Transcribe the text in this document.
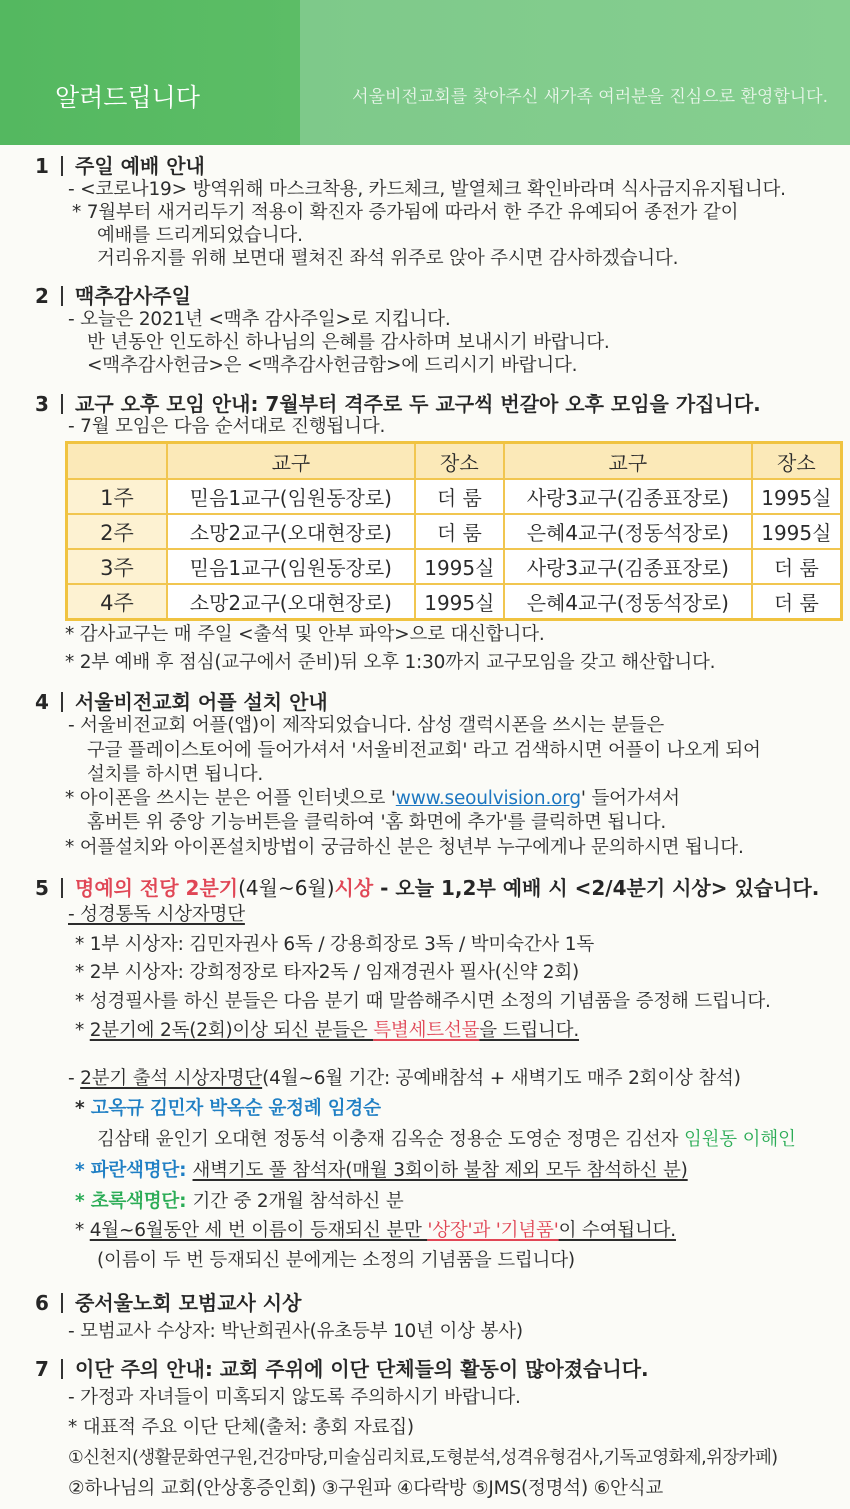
알려드립니다	서울비전교회를 찾아주신 새가족 여러분을 진심으로 환영합니다.
1 주일 예배 안내
- <코로나19> 방역위해 마스크착용, 카드체크, 발열체크 확인바라며 식사금지유지됩니다.
* 7월부터 새거리두기 적용이 확진자 증가됨에 따라서 한 주간 유예되어 종전가 같이
예배를 드리게되었습니다.
거리유지를 위해 보면대 펼쳐진 좌석 위주로 앉아 주시면 감사하겠습니다.
2 맥추감사주일
- 오늘은 2021년 <맥추 감사주일>로 지킵니다.
반 년동안 인도하신 하나님의 은혜를 감사하며 보내시기 바랍니다.
<맥추감사헌금>은 <맥추감사헌금함>에 드리시기 바랍니다.
3 교구 오후 모임 안내: 7월부터 격주로 두 교구씩 번갈아 오후 모임을 가집니다.
- 7월 모임은 다음 순서대로 진행됩니다.
	교구	장소	교구	장소
1주	믿음1교구(임원동장로)	더 룸	사랑3교구(김종표장로)	1995실
2주	소망2교구(오대현장로)	더 룸	은혜4교구(정동석장로)	1995실
3주	믿음1교구(임원동장로)	1995실	사랑3교구(김종표장로)	더 룸
4주	소망2교구(오대현장로)	1995실	은혜4교구(정동석장로)	더 룸
* 감사교구는 매 주일 <출석 및 안부 파악>으로 대신합니다.
* 2부 예배 후 점심(교구에서 준비)뒤 오후 1:30까지 교구모임을 갖고 해산합니다.
4 서울비전교회 어플 설치 안내
- 서울비전교회 어플(앱)이 제작되었습니다. 삼성 갤럭시폰을 쓰시는 분들은
구글 플레이스토어에 들어가셔서 '서울비전교회' 라고 검색하시면 어플이 나오게 되어
설치를 하시면 됩니다.
* 아이폰을 쓰시는 분은 어플 인터넷으로 'www.seoulvision.org' 들어가셔서
홈버튼 위 중앙 기능버튼을 클릭하여 '홈 화면에 추가'를 클릭하면 됩니다.
* 어플설치와 아이폰설치방법이 궁금하신 분은 청년부 누구에게나 문의하시면 됩니다.
5 명예의 전당 2분기(4월~6월)시상 - 오늘 1,2부 예배 시 <2/4분기 시상> 있습니다.
- 성경통독 시상자명단
* 1부 시상자: 김민자권사 6독 / 강용희장로 3독 / 박미숙간사 1독
* 2부 시상자: 강희정장로 타자2독 / 임재경권사 필사(신약 2회)
* 성경필사를 하신 분들은 다음 분기 때 말씀해주시면 소정의 기념품을 증정해 드립니다.
* 2분기에 2독(2회)이상 되신 분들은 특별세트선물을 드립니다.
- 2분기 출석 시상자명단(4월~6월 기간: 공예배참석 + 새벽기도 매주 2회이상 참석)
* 고옥규 김민자 박옥순 윤정례 임경순
김삼태 윤인기 오대현 정동석 이충재 김옥순 정용순 도영순 정명은 김선자 임원동 이해인
* 파란색명단: 새벽기도 풀 참석자(매월 3회이하 불참 제외 모두 참석하신 분)
* 초록색명단: 기간 중 2개월 참석하신 분
* 4월~6월동안 세 번 이름이 등재되신 분만 '상장'과 '기념품'이 수여됩니다.
(이름이 두 번 등재되신 분에게는 소정의 기념품을 드립니다)
6 중서울노회 모범교사 시상
- 모범교사 수상자: 박난희권사(유초등부 10년 이상 봉사)
7 이단 주의 안내: 교회 주위에 이단 단체들의 활동이 많아졌습니다.
- 가정과 자녀들이 미혹되지 않도록 주의하시기 바랍니다.
* 대표적 주요 이단 단체(출처: 총회 자료집)
①신천지(생활문화연구원,건강마당,미술심리치료,도형분석,성격유형검사,기독교영화제,위장카페)
②하나님의 교회(안상홍증인회) ③구원파 ④다락방 ⑤JMS(정명석) ⑥안식교
